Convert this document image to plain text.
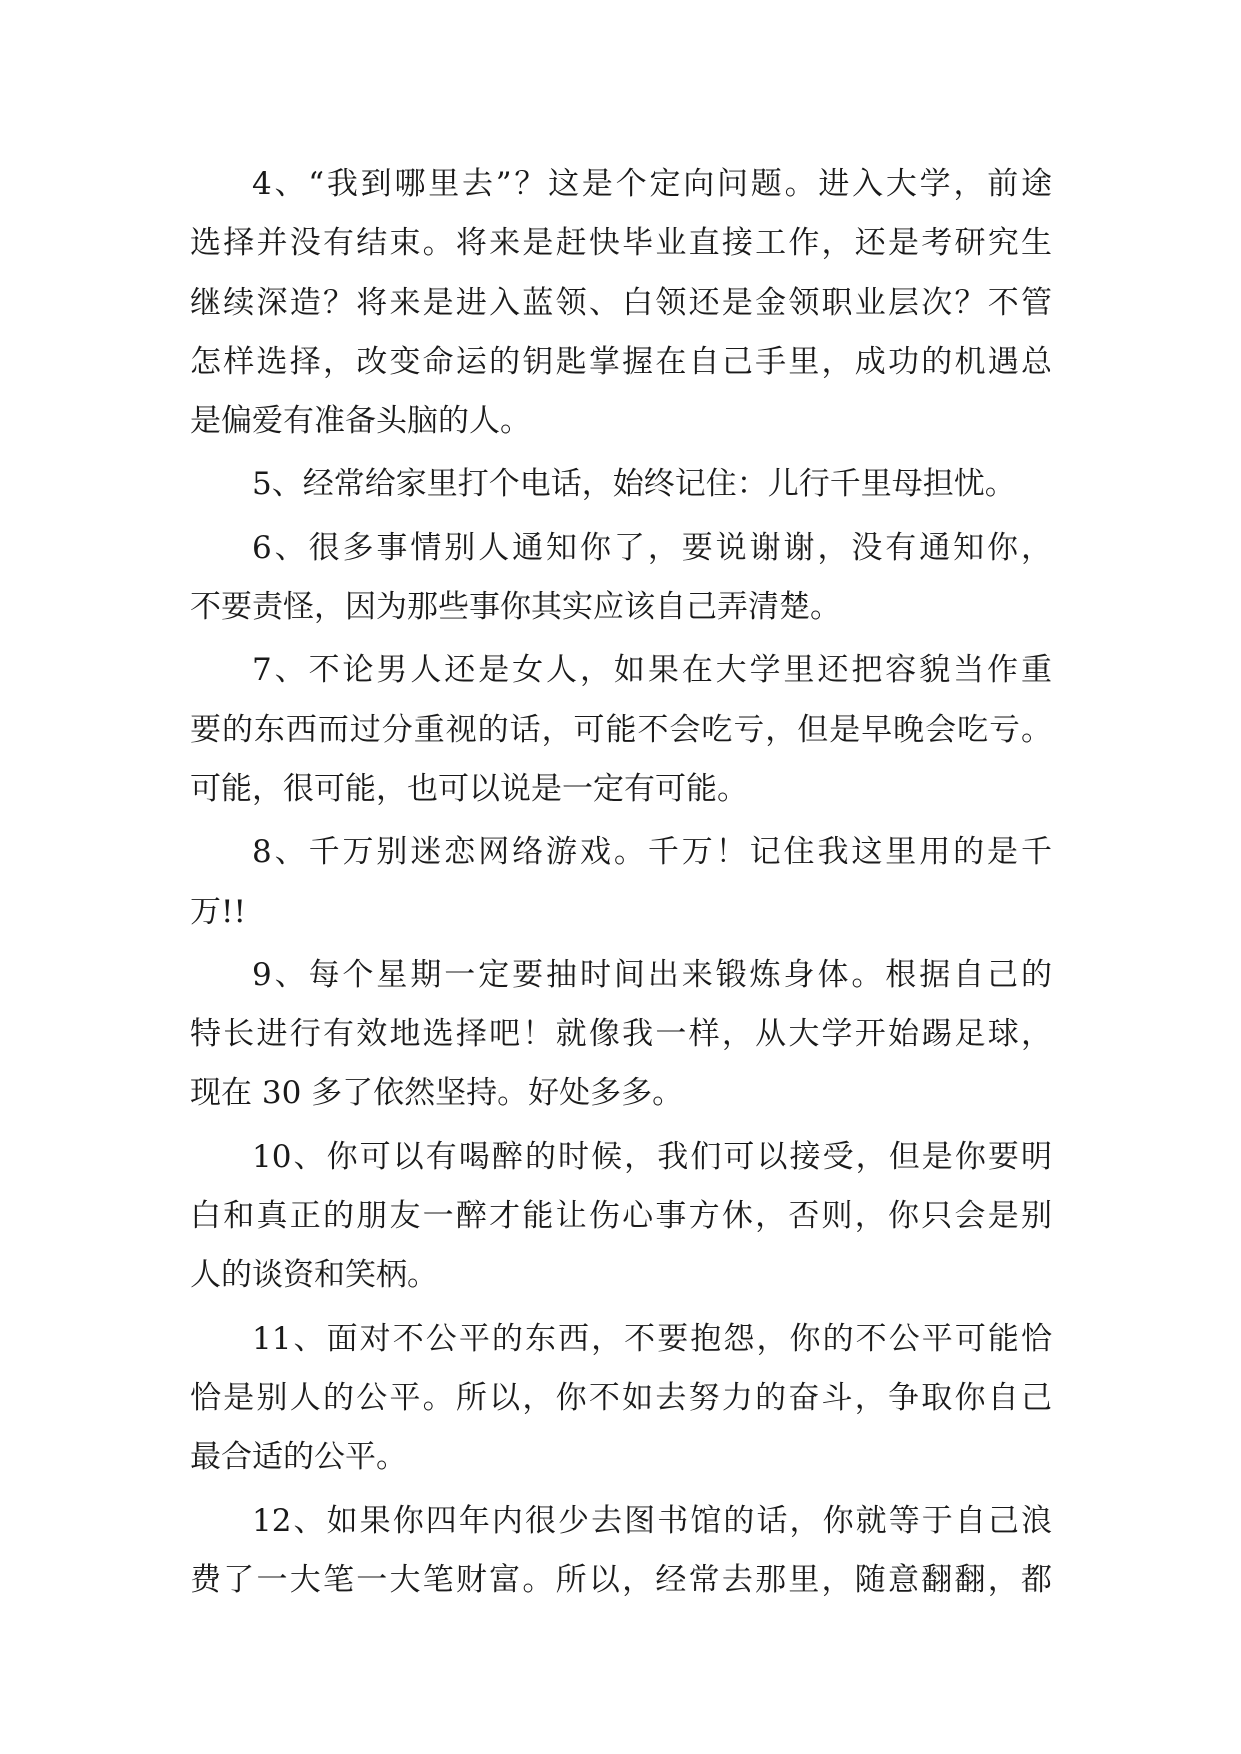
4、“我到哪里去”？这是个定向问题。进入大学，前途
选择并没有结束。将来是赶快毕业直接工作，还是考研究生
继续深造？将来是进入蓝领、白领还是金领职业层次？不管
怎样选择，改变命运的钥匙掌握在自己手里，成功的机遇总
是偏爱有准备头脑的人。
5、经常给家里打个电话，始终记住：儿行千里母担忧。
6、很多事情别人通知你了，要说谢谢，没有通知你，
不要责怪，因为那些事你其实应该自己弄清楚。
7、不论男人还是女人，如果在大学里还把容貌当作重
要的东西而过分重视的话，可能不会吃亏，但是早晚会吃亏。
可能，很可能，也可以说是一定有可能。
8、千万别迷恋网络游戏。千万！记住我这里用的是千
万!!
9、每个星期一定要抽时间出来锻炼身体。根据自己的
特长进行有效地选择吧！就像我一样，从大学开始踢足球，
现在 30 多了依然坚持。好处多多。
10、你可以有喝醉的时候，我们可以接受，但是你要明
白和真正的朋友一醉才能让伤心事方休，否则，你只会是别
人的谈资和笑柄。
11、面对不公平的东西，不要抱怨，你的不公平可能恰
恰是别人的公平。所以，你不如去努力的奋斗，争取你自己
最合适的公平。
12、如果你四年内很少去图书馆的话，你就等于自己浪
费了一大笔一大笔财富。所以，经常去那里，随意翻翻，都
